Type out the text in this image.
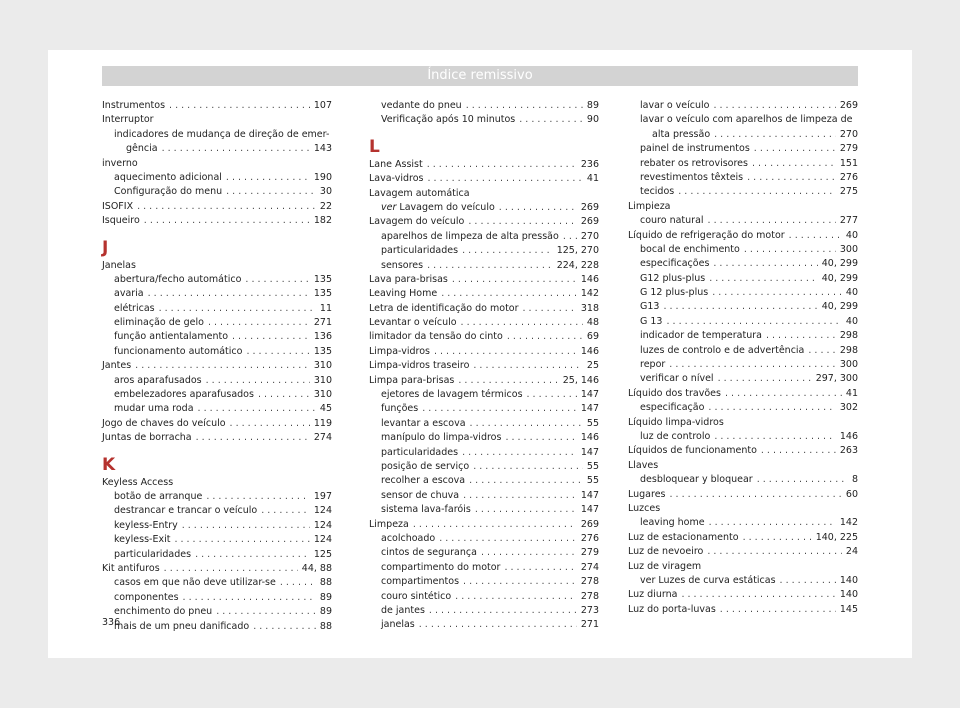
Índice remissivo
Instrumentos . . .	107
Interruptor
indicadores de mudança de direção de emer-
gência . . .	143
inverno
aquecimento adicional . . .	190
Configuração do menu . . .	30
ISOFIX . . .	22
Isqueiro . . .	182
J
Janelas
abertura/fecho automático . . .	135
avaria . . .	135
elétricas . . .	11
eliminação de gelo . . .	271
função antientalamento . . .	136
funcionamento automático . . .	135
Jantes . . .	310
aros aparafusados . . .	310
embelezadores aparafusados . . .	310
mudar uma roda . . .	45
Jogo de chaves do veículo . . .	119
Juntas de borracha . . .	274
K
Keyless Access
botão de arranque . . .	197
destrancar e trancar o veículo . . .	124
keyless-Entry . . .	124
keyless-Exit . . .	124
particularidades . . .	125
Kit antifuros . . .	44, 88
casos em que não deve utilizar-se . . .	88
componentes . . .	89
enchimento do pneu . . .	89
mais de um pneu danificado . . .	88
vedante do pneu . . .	89
Verificação após 10 minutos . . .	90
L
Lane Assist . . .	236
Lava-vidros . . .	41
Lavagem automática
ver Lavagem do veículo . . .	269
Lavagem do veículo . . .	269
aparelhos de limpeza de alta pressão . . . 270
particularidades . . .	125, 270
sensores . . .	224, 228
Lava para-brisas . . .	146
Leaving Home . . .	142
Letra de identificação do motor . . .	318
Levantar o veículo . . .	48
limitador da tensão do cinto . . .	69
Limpa-vidros . . .	146
Limpa-vidros traseiro . . .	25
Limpa para-brisas . . .	25, 146
ejetores de lavagem térmicos . . .	147
funções . . .	147
levantar a escova . . .	55
manípulo do limpa-vidros . . .	146
particularidades . . .	147
posição de serviço . . .	55
recolher a escova . . .	55
sensor de chuva . . .	147
sistema lava-faróis . . .	147
Limpeza . . .	269
acolchoado . . .	276
cintos de segurança . . .	279
compartimento do motor . . .	274
compartimentos . . .	278
couro sintético . . .	278
de jantes . . .	273
janelas . . .	271
lavar o veículo . . .	269
lavar o veículo com aparelhos de limpeza de
alta pressão . . .	270
painel de instrumentos . . .	279
rebater os retrovisores . . .	151
revestimentos têxteis . . .	276
tecidos . . .	275
Limpieza
couro natural . . .	277
Líquido de refrigeração do motor . . .	40
bocal de enchimento . . .	300
especificações . . .	40, 299
G12 plus-plus . . .	40, 299
G 12 plus-plus . . .	40
G13 . . .	40, 299
G 13 . . .	40
indicador de temperatura . . .	298
luzes de controlo e de advertência . . .	298
repor . . .	300
verificar o nível . . .	297, 300
Líquido dos travões . . .	41
especificação . . .	302
Líquido limpa-vidros
luz de controlo . . .	146
Líquidos de funcionamento . . .	263
Llaves
desbloquear y bloquear . . .	8
Lugares . . .	60
Luzces
leaving home . . .	142
Luz de estacionamento . . .	140, 225
Luz de nevoeiro . . .	24
Luz de viragem
ver Luzes de curva estáticas . . .	140
Luz diurna . . .	140
Luz do porta-luvas . . .	145
336
